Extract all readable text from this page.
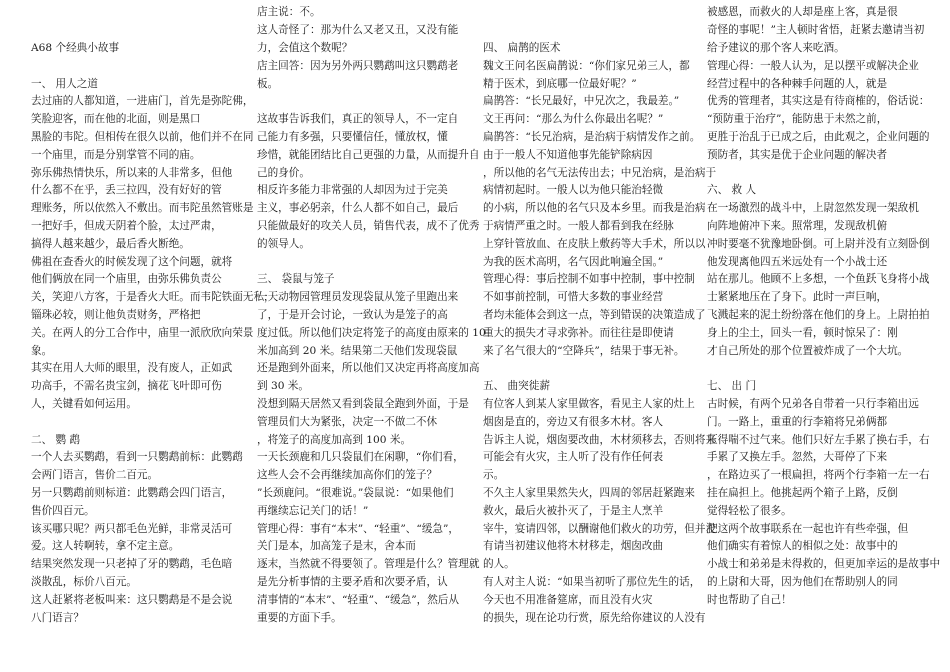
A68 个经典小故事

一、 用人之道

去过庙的人都知道，一进庙门，首先是弥陀佛，

笑脸迎客，而在他的北面，则是黑口

黑脸的韦陀。但相传在很久以前，他们并不在同

一个庙里，而是分别掌管不同的庙。

弥乐佛热情快乐，所以来的人非常多，但他

什么都不在乎，丢三拉四，没有好好的管

理账务，所以依然入不敷出。而韦陀虽然管账是

一把好手，但成天阴着个脸，太过严肃，

搞得人越来越少，最后香火断绝。

佛祖在查香火的时候发现了这个问题，就将

他们俩放在同一个庙里，由弥乐佛负责公

关，笑迎八方客，于是香火大旺。而韦陀铁面无私，

锱珠必较，则让他负责财务，严格把

关。在两人的分工合作中，庙里一派欣欣向荣景

象。

其实在用人大师的眼里，没有废人，正如武

功高手，不需名贵宝剑，摘花飞叶即可伤

人，关键看如何运用。

二、 鹦 鹉

一个人去买鹦鹉，看到一只鹦鹉前标：此鹦鹉

会两门语言，售价二百元。

另一只鹦鹉前则标道：此鹦鹉会四门语言，

售价四百元。

该买哪只呢？两只都毛色光鲜，非常灵活可

爱。这人转啊转，拿不定主意。

结果突然发现一只老掉了牙的鹦鹉，毛色暗

淡散乱，标价八百元。

这人赶紧将老板叫来：这只鹦鹉是不是会说

八门语言？

店主说：不。

这人奇怪了：那为什么又老又丑，又没有能

力，会值这个数呢？

店主回答：因为另外两只鹦鹉叫这只鹦鹉老

板。

这故事告诉我们，真正的领导人，不一定自

己能力有多强，只要懂信任，懂放权，懂

珍惜，就能团结比自己更强的力量，从而提升自

己的身价。

相反许多能力非常强的人却因为过于完美

主义，事必躬亲，什么人都不如自己，最后

只能做最好的攻关人员，销售代表，成不了优秀

的领导人。

三、 袋鼠与笼子

一天动物园管理员发现袋鼠从笼子里跑出来

了，于是开会讨论，一致认为是笼子的高

度过低。所以他们决定将笼子的高度由原来的 10

米加高到 20 米。结果第二天他们发现袋鼠

还是跑到外面来，所以他们又决定再将高度加高

到 30 米。

没想到隔天居然又看到袋鼠全跑到外面，于是

管理员们大为紧张，决定一不做二不休

，将笼子的高度加高到 100 米。

一天长颈鹿和几只袋鼠们在闲聊，“你们看，

这些人会不会再继续加高你们的笼子？

”长颈鹿问。“很难说。”袋鼠说：“如果他们

再继续忘记关门的话！”

管理心得：事有“本末”、“轻重”、“缓急”，

关门是本，加高笼子是末，舍本而

逐末，当然就不得要领了。管理是什么？管理就

是先分析事情的主要矛盾和次要矛盾，认

清事情的“本末”、“轻重”、“缓急”，然后从

重要的方面下手。

四、 扁鹊的医术

魏文王问名医扁鹊说：“你们家兄弟三人，都

精于医术，到底哪一位最好呢？”

扁鹊答：“长兄最好，中兄次之，我最差。”

文王再问：“那么为什么你最出名呢？”

扁鹊答：“长兄治病，是治病于病情发作之前。

由于一般人不知道他事先能铲除病因

，所以他的名气无法传出去；中兄治病，是治病于

病情初起时。一般人以为他只能治轻微

的小病，所以他的名气只及本乡里。而我是治病

于病情严重之时。一般人都看到我在经脉

上穿针管放血、在皮肤上敷药等大手术，所以以

为我的医术高明，名气因此响遍全国。”

管理心得：事后控制不如事中控制，事中控制

不如事前控制，可惜大多数的事业经营

者均未能体会到这一点，等到错误的决策造成了

重大的损失才寻求弥补。而往往是即使请

来了名气很大的“空降兵”，结果于事无补。

五、 曲突徙薪

有位客人到某人家里做客，看见主人家的灶上

烟囱是直的，旁边又有很多木材。客人

告诉主人说，烟囱要改曲，木材须移去，否则将来

可能会有火灾，主人听了没有作任何表

示。

不久主人家里果然失火，四周的邻居赶紧跑来

救火，最后火被扑灭了，于是主人烹羊

宰牛，宴请四邻，以酬谢他们救火的功劳，但并没

有请当初建议他将木材移走，烟囱改曲

的人。

有人对主人说：“如果当初听了那位先生的话，

今天也不用准备筵席，而且没有火灾

的损失，现在论功行赏，原先给你建议的人没有

被感恩，而救火的人却是座上客，真是很

奇怪的事呢！”主人顿时省悟，赶紧去邀请当初

给予建议的那个客人来吃酒。

管理心得：一般人认为，足以摆平或解决企业

经营过程中的各种棘手问题的人，就是

优秀的管理者，其实这是有待商榷的，俗话说：

“预防重于治疗”，能防患于未然之前，

更胜于治乱于已成之后，由此观之，企业问题的

预防者，其实是优于企业问题的解决者

六、 救 人

在一场激烈的战斗中，上尉忽然发现一架敌机

向阵地俯冲下来。照常理，发现敌机俯

冲时要毫不犹豫地卧倒。可上尉并没有立刻卧倒

他发现离他四五米远处有一个小战士还

站在那儿。他顾不上多想，一个鱼跃飞身将小战

士紧紧地压在了身下。此时一声巨响，

飞溅起来的泥土纷纷落在他们的身上。上尉拍拍

身上的尘土，回头一看，顿时惊呆了：刚

才自己所处的那个位置被炸成了一个大坑。

七、 出 门

古时候，有两个兄弟各自带着一只行李箱出远

门。一路上，重重的行李箱将兄弟俩都

压得喘不过气来。他们只好左手累了换右手，右

手累了又换左手。忽然，大哥停了下来

，在路边买了一根扁担，将两个行李箱一左一右

挂在扁担上。他挑起两个箱子上路，反倒

觉得轻松了很多。

把这两个故事联系在一起也许有些牵强，但

他们确实有着惊人的相似之处：故事中的

小战士和弟弟是未得救的，但更加幸运的是故事中

的上尉和大哥，因为他们在帮助别人的同

时也帮助了自己！
